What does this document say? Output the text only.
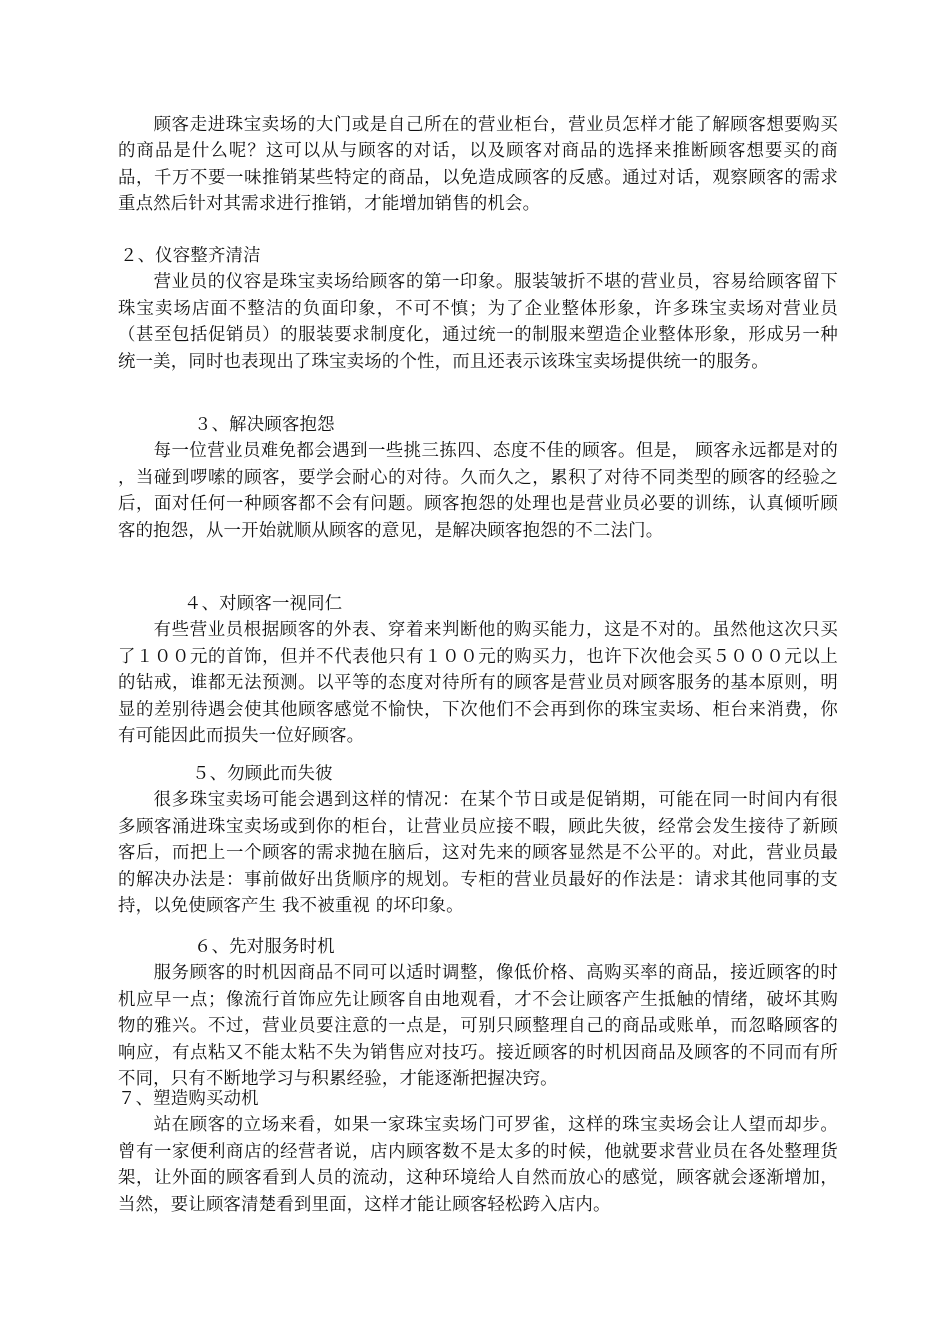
顾客走进珠宝卖场的大门或是自己所在的营业柜台，营业员怎样才能了解顾客想要购买的商品是什么呢？这可以从与顾客的对话，以及顾客对商品的选择来推断顾客想要买的商品，千万不要一味推销某些特定的商品，以免造成顾客的反感。通过对话，观察顾客的需求重点然后针对其需求进行推销，才能增加销售的机会。

２、仪容整齐清洁

营业员的仪容是珠宝卖场给顾客的第一印象。服装皱折不堪的营业员，容易给顾客留下珠宝卖场店面不整洁的负面印象，不可不慎；为了企业整体形象，许多珠宝卖场对营业员（甚至包括促销员）的服装要求制度化，通过统一的制服来塑造企业整体形象，形成另一种统一美，同时也表现出了珠宝卖场的个性，而且还表示该珠宝卖场提供统一的服务。

３、解决顾客抱怨

每一位营业员难免都会遇到一些挑三拣四、态度不佳的顾客。但是， 顾客永远都是对的 ，当碰到啰嗦的顾客，要学会耐心的对待。久而久之，累积了对待不同类型的顾客的经验之后，面对任何一种顾客都不会有问题。顾客抱怨的处理也是营业员必要的训练，认真倾听顾客的抱怨，从一开始就顺从顾客的意见，是解决顾客抱怨的不二法门。

４、对顾客一视同仁

有些营业员根据顾客的外表、穿着来判断他的购买能力，这是不对的。虽然他这次只买了１００元的首饰，但并不代表他只有１００元的购买力，也许下次他会买５０００元以上的钻戒，谁都无法预测。以平等的态度对待所有的顾客是营业员对顾客服务的基本原则，明显的差别待遇会使其他顾客感觉不愉快，下次他们不会再到你的珠宝卖场、柜台来消费，你有可能因此而损失一位好顾客。

５、勿顾此而失彼

很多珠宝卖场可能会遇到这样的情况：在某个节日或是促销期，可能在同一时间内有很多顾客涌进珠宝卖场或到你的柜台，让营业员应接不暇，顾此失彼，经常会发生接待了新顾客后，而把上一个顾客的需求抛在脑后，这对先来的顾客显然是不公平的。对此，营业员最的解决办法是：事前做好出货顺序的规划。专柜的营业员最好的作法是：请求其他同事的支持，以免使顾客产生 我不被重视 的坏印象。

６、先对服务时机

服务顾客的时机因商品不同可以适时调整，像低价格、高购买率的商品，接近顾客的时机应早一点；像流行首饰应先让顾客自由地观看，才不会让顾客产生抵触的情绪，破坏其购物的雅兴。不过，营业员要注意的一点是，可别只顾整理自己的商品或账单，而忽略顾客的响应，有点粘又不能太粘不失为销售应对技巧。接近顾客的时机因商品及顾客的不同而有所不同，只有不断地学习与积累经验，才能逐渐把握决窍。

７、塑造购买动机

站在顾客的立场来看，如果一家珠宝卖场门可罗雀，这样的珠宝卖场会让人望而却步。曾有一家便利商店的经营者说，店内顾客数不是太多的时候，他就要求营业员在各处整理货架，让外面的顾客看到人员的流动，这种环境给人自然而放心的感觉，顾客就会逐渐增加，当然，要让顾客清楚看到里面，这样才能让顾客轻松跨入店内。
